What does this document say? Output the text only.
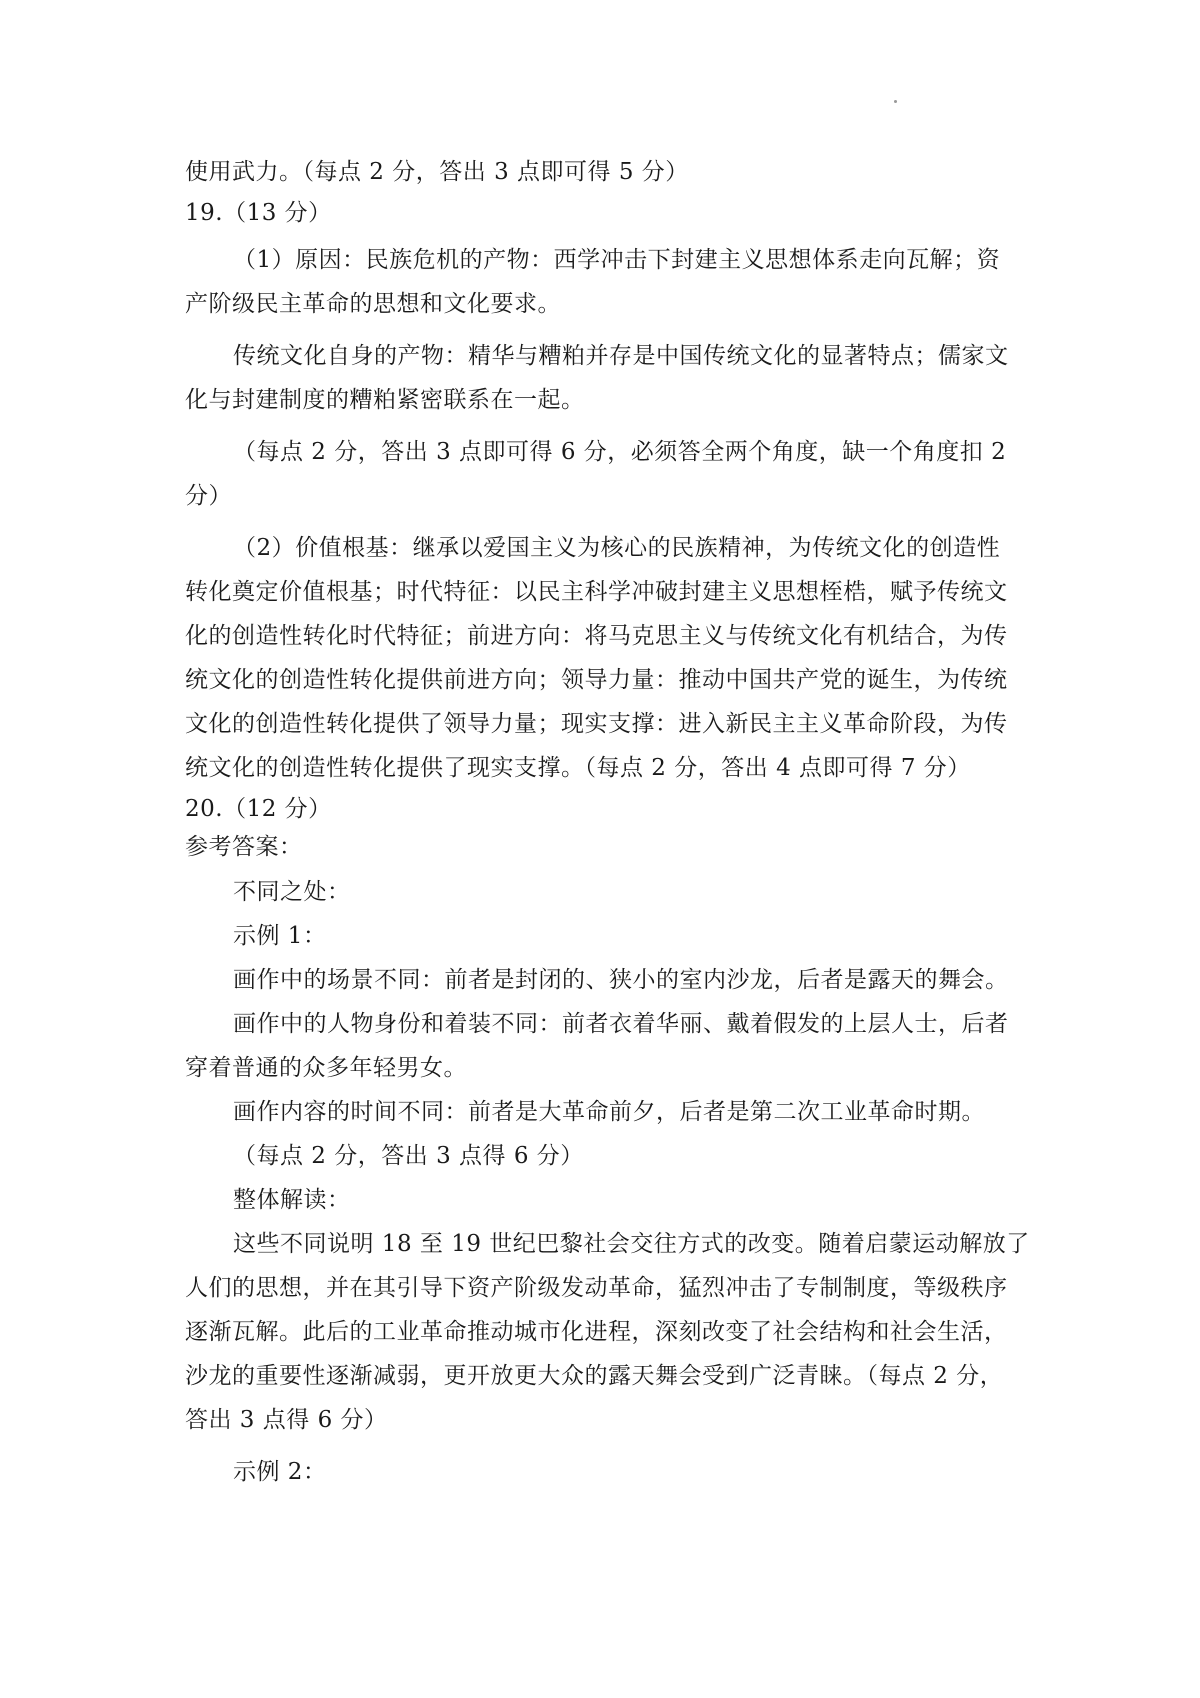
使用武力。（每点 2 分，答出 3 点即可得 5 分）
19.（13 分）
（1）原因：民族危机的产物：西学冲击下封建主义思想体系走向瓦解；资
产阶级民主革命的思想和文化要求。
传统文化自身的产物：精华与糟粕并存是中国传统文化的显著特点；儒家文
化与封建制度的糟粕紧密联系在一起。
（每点 2 分，答出 3 点即可得 6 分，必须答全两个角度，缺一个角度扣 2
分）
（2）价值根基：继承以爱国主义为核心的民族精神，为传统文化的创造性
转化奠定价值根基；时代特征：以民主科学冲破封建主义思想桎梏，赋予传统文
化的创造性转化时代特征；前进方向：将马克思主义与传统文化有机结合，为传
统文化的创造性转化提供前进方向；领导力量：推动中国共产党的诞生，为传统
文化的创造性转化提供了领导力量；现实支撑：进入新民主主义革命阶段，为传
统文化的创造性转化提供了现实支撑。（每点 2 分，答出 4 点即可得 7 分）
20.（12 分）
参考答案：
不同之处：
示例 1：
画作中的场景不同：前者是封闭的、狭小的室内沙龙，后者是露天的舞会。
画作中的人物身份和着装不同：前者衣着华丽、戴着假发的上层人士，后者
穿着普通的众多年轻男女。
画作内容的时间不同：前者是大革命前夕，后者是第二次工业革命时期。
（每点 2 分，答出 3 点得 6 分）
整体解读：
这些不同说明 18 至 19 世纪巴黎社会交往方式的改变。随着启蒙运动解放了
人们的思想，并在其引导下资产阶级发动革命，猛烈冲击了专制制度，等级秩序
逐渐瓦解。此后的工业革命推动城市化进程，深刻改变了社会结构和社会生活，
沙龙的重要性逐渐减弱，更开放更大众的露天舞会受到广泛青睐。（每点 2 分，
答出 3 点得 6 分）
示例 2：
